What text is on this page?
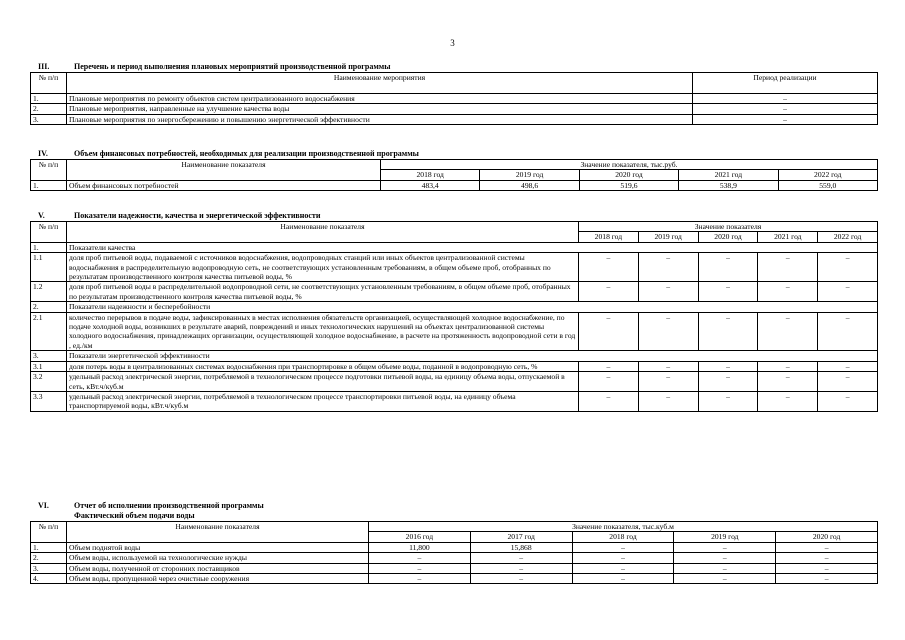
3
III.	Перечень и период выполнения плановых мероприятий производственной программы
№ п/п	Наименование мероприятия	Период реализации
1.	Плановые мероприятия по ремонту объектов систем централизованного водоснабжения	–
2.	Плановые мероприятия, направленные на улучшение качества воды	–
3.	Плановые мероприятия по энергосбережению и повышению энергетической эффективности	–
IV.	Объем финансовых потребностей, необходимых для реализации производственной программы
№ п/п	Наименование показателя	Значение показателя, тыс.руб.				
		2018 год	2019 год	2020 год	2021 год	2022 год
1.	Объем финансовых потребностей	483,4	498,6	519,6	538,9	559,0
V.	Показатели надежности, качества и энергетической эффективности
№ п/п	Наименование показателя	Значение показателя				
		2018 год	2019 год	2020 год	2021 год	2022 год
1.	Показатели качества					
1.1	доля проб питьевой воды, подаваемой с источников водоснабжения, водопроводных станций или иных объектов централизованной системы водоснабжения в распределительную водопроводную сеть, не соответствующих установленным требованиям, в общем объеме проб, отобранных по результатам производственного контроля качества питьевой воды, %	–	–	–	–	–
1.2	доля проб питьевой воды в распределительной водопроводной сети, не соответствующих установленным требованиям, в общем объеме проб, отобранных по результатам производственного контроля качества питьевой воды, %	–	–	–	–	–
2.	Показатели надежности и бесперебойности					
2.1	количество перерывов в подаче воды, зафиксированных в местах исполнения обязательств организацией, осуществляющей холодное водоснабжение, по подаче холодной воды, возникших в результате аварий, повреждений и иных технологических нарушений на объектах централизованной системы холодного водоснабжения, принадлежащих организации, осуществляющей холодное водоснабжение, в расчете на протяженность водопроводной сети в год , ед./км	–	–	–	–	–
3.	Показатели энергетической эффективности					
3.1	доля потерь воды в централизованных системах водоснабжения при транспортировке в общем объеме воды, поданной в водопроводную сеть, %	–	–	–	–	–
3.2	удельный расход электрической энергии, потребляемой в технологическом процессе подготовки питьевой воды, на единицу объема воды, отпускаемой в сеть, кВт.ч/куб.м	–	–	–	–	–
3.3	удельный расход электрической энергии, потребляемой в технологическом процессе транспортировки питьевой воды, на единицу объема транспортируемой воды, кВт.ч/куб.м	–	–	–	–	–
VI.	Отчет об исполнении производственной программы
Фактический объем подачи воды
№ п/п	Наименование показателя	Значение показателя, тыс.куб.м				
		2016 год	2017 год	2018 год	2019 год	2020 год
1.	Объем поднятой воды	11,800	15,868	–	–	–
2.	Объем воды, используемой на технологические нужды	–	–	–	–	–
3.	Объем воды, полученной от сторонних поставщиков	–	–	–	–	–
4.	Объем воды, пропущенной через очистные сооружения	–	–	–	–	–
